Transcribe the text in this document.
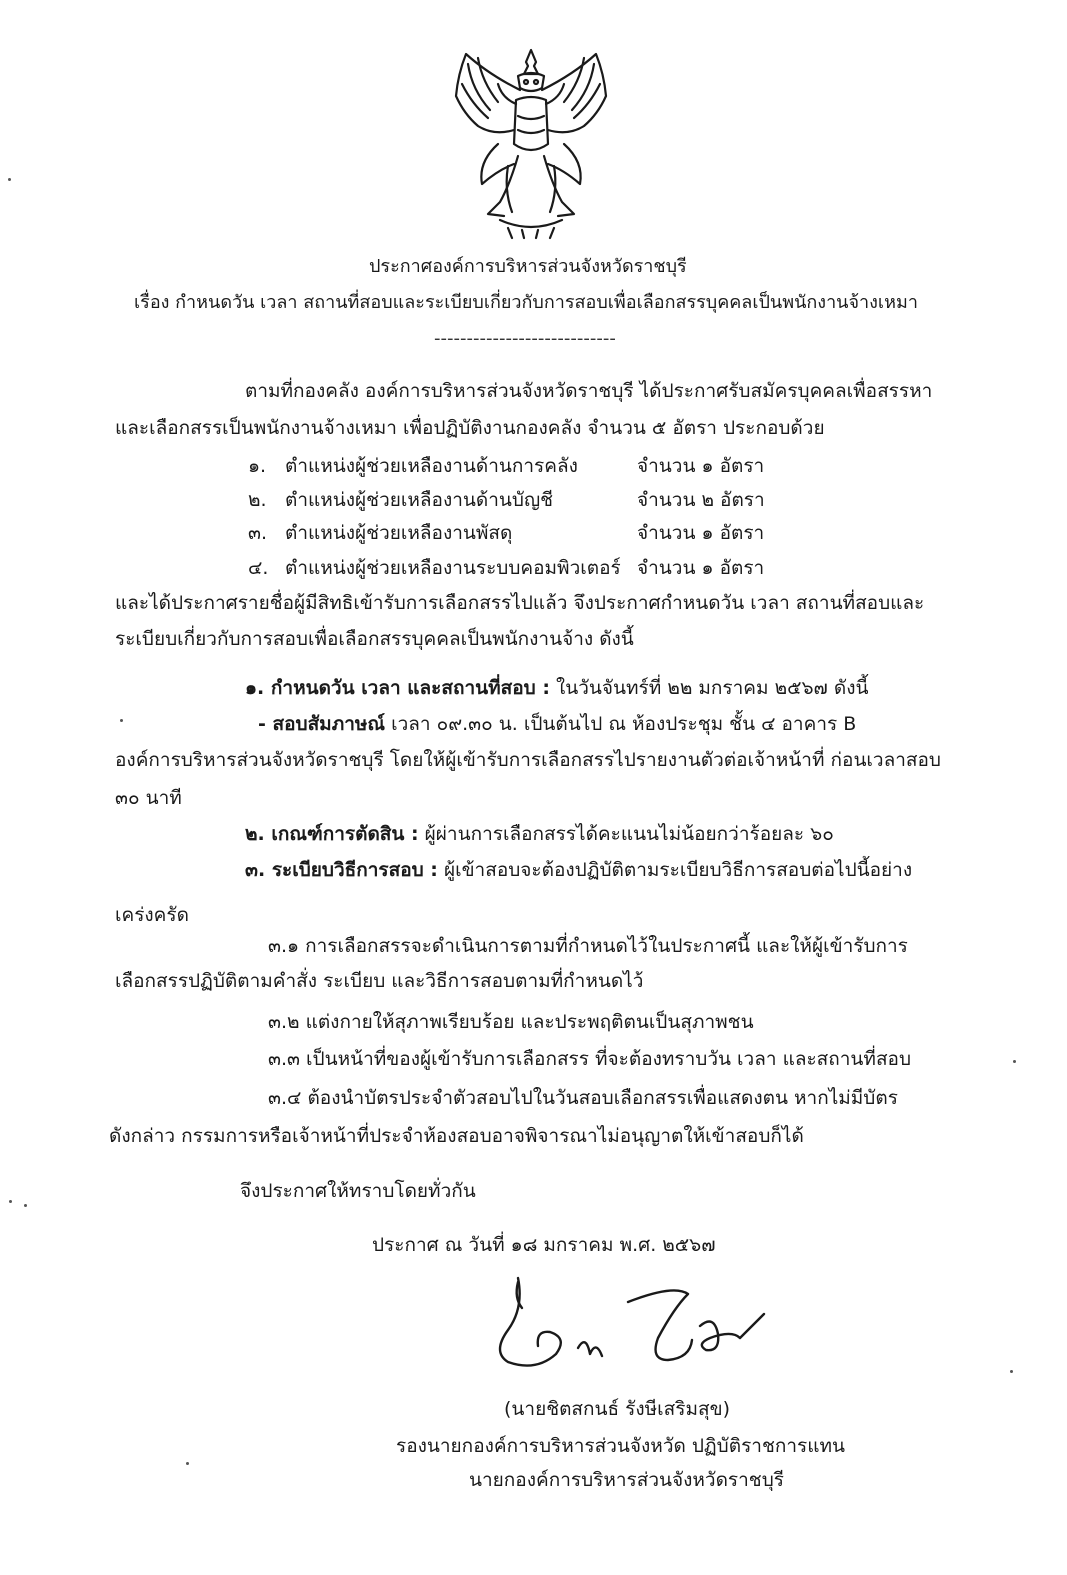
ประกาศองค์การบริหารส่วนจังหวัดราชบุรี
เรื่อง กำหนดวัน เวลา สถานที่สอบและระเบียบเกี่ยวกับการสอบเพื่อเลือกสรรบุคคลเป็นพนักงานจ้างเหมา
----------------------------
ตามที่กองคลัง องค์การบริหารส่วนจังหวัดราชบุรี ได้ประกาศรับสมัครบุคคลเพื่อสรรหา
และเลือกสรรเป็นพนักงานจ้างเหมา เพื่อปฏิบัติงานกองคลัง จำนวน ๕ อัตรา ประกอบด้วย
๑. ตำแหน่งผู้ช่วยเหลืองานด้านการคลัง	จำนวน ๑ อัตรา
๒. ตำแหน่งผู้ช่วยเหลืองานด้านบัญชี	จำนวน ๒ อัตรา
๓. ตำแหน่งผู้ช่วยเหลืองานพัสดุ	จำนวน ๑ อัตรา
๔. ตำแหน่งผู้ช่วยเหลืองานระบบคอมพิวเตอร์ จำนวน ๑ อัตรา
และได้ประกาศรายชื่อผู้มีสิทธิเข้ารับการเลือกสรรไปแล้ว จึงประกาศกำหนดวัน เวลา สถานที่สอบและ
ระเบียบเกี่ยวกับการสอบเพื่อเลือกสรรบุคคลเป็นพนักงานจ้าง ดังนี้
๑. กำหนดวัน เวลา และสถานที่สอบ : ในวันจันทร์ที่ ๒๒ มกราคม ๒๕๖๗ ดังนี้
- สอบสัมภาษณ์ เวลา ๐๙.๓๐ น. เป็นต้นไป ณ ห้องประชุม ชั้น ๔ อาคาร B
องค์การบริหารส่วนจังหวัดราชบุรี โดยให้ผู้เข้ารับการเลือกสรรไปรายงานตัวต่อเจ้าหน้าที่ ก่อนเวลาสอบ
๓๐ นาที
๒. เกณฑ์การตัดสิน : ผู้ผ่านการเลือกสรรได้คะแนนไม่น้อยกว่าร้อยละ ๖๐
๓. ระเบียบวิธีการสอบ : ผู้เข้าสอบจะต้องปฏิบัติตามระเบียบวิธีการสอบต่อไปนี้อย่าง
เคร่งครัด
๓.๑ การเลือกสรรจะดำเนินการตามที่กำหนดไว้ในประกาศนี้ และให้ผู้เข้ารับการ
เลือกสรรปฏิบัติตามคำสั่ง ระเบียบ และวิธีการสอบตามที่กำหนดไว้
๓.๒ แต่งกายให้สุภาพเรียบร้อย และประพฤติตนเป็นสุภาพชน
๓.๓ เป็นหน้าที่ของผู้เข้ารับการเลือกสรร ที่จะต้องทราบวัน เวลา และสถานที่สอบ
๓.๔ ต้องนำบัตรประจำตัวสอบไปในวันสอบเลือกสรรเพื่อแสดงตน หากไม่มีบัตร
ดังกล่าว กรรมการหรือเจ้าหน้าที่ประจำห้องสอบอาจพิจารณาไม่อนุญาตให้เข้าสอบก็ได้
จึงประกาศให้ทราบโดยทั่วกัน
ประกาศ ณ วันที่ ๑๘ มกราคม พ.ศ. ๒๕๖๗
(นายชิตสกนธ์ รังษีเสริมสุข)
รองนายกองค์การบริหารส่วนจังหวัด ปฏิบัติราชการแทน
นายกองค์การบริหารส่วนจังหวัดราชบุรี
